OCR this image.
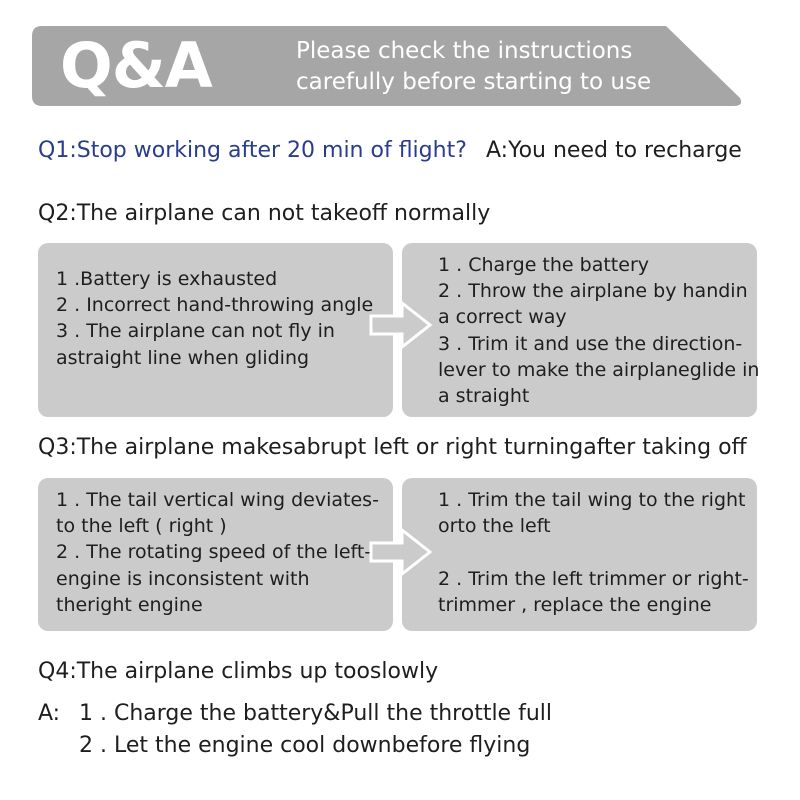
Q&A	Please check the instructions
carefully before starting to use
Q1:Stop working after 20 min of flight? A:You need to recharge
Q2:The airplane can not takeoff normally
1 .Battery is exhausted
2 . Incorrect hand-throwing angle
3 . The airplane can not fly in
astraight line when gliding
1 . Charge the battery
2 . Throw the airplane by handin
a correct way
3 . Trim it and use the direction-
lever to make the airplaneglide in
a straight
Q3:The airplane makesabrupt left or right turningafter taking off
1 . The tail vertical wing deviates-
to the left ( right )
2 . The rotating speed of the left-
engine is inconsistent with
theright engine
1 . Trim the tail wing to the right
orto the left

2 . Trim the left trimmer or right-
trimmer , replace the engine
Q4:The airplane climbs up tooslowly
A: 1 . Charge the battery&Pull the throttle full
2 . Let the engine cool downbefore flying
